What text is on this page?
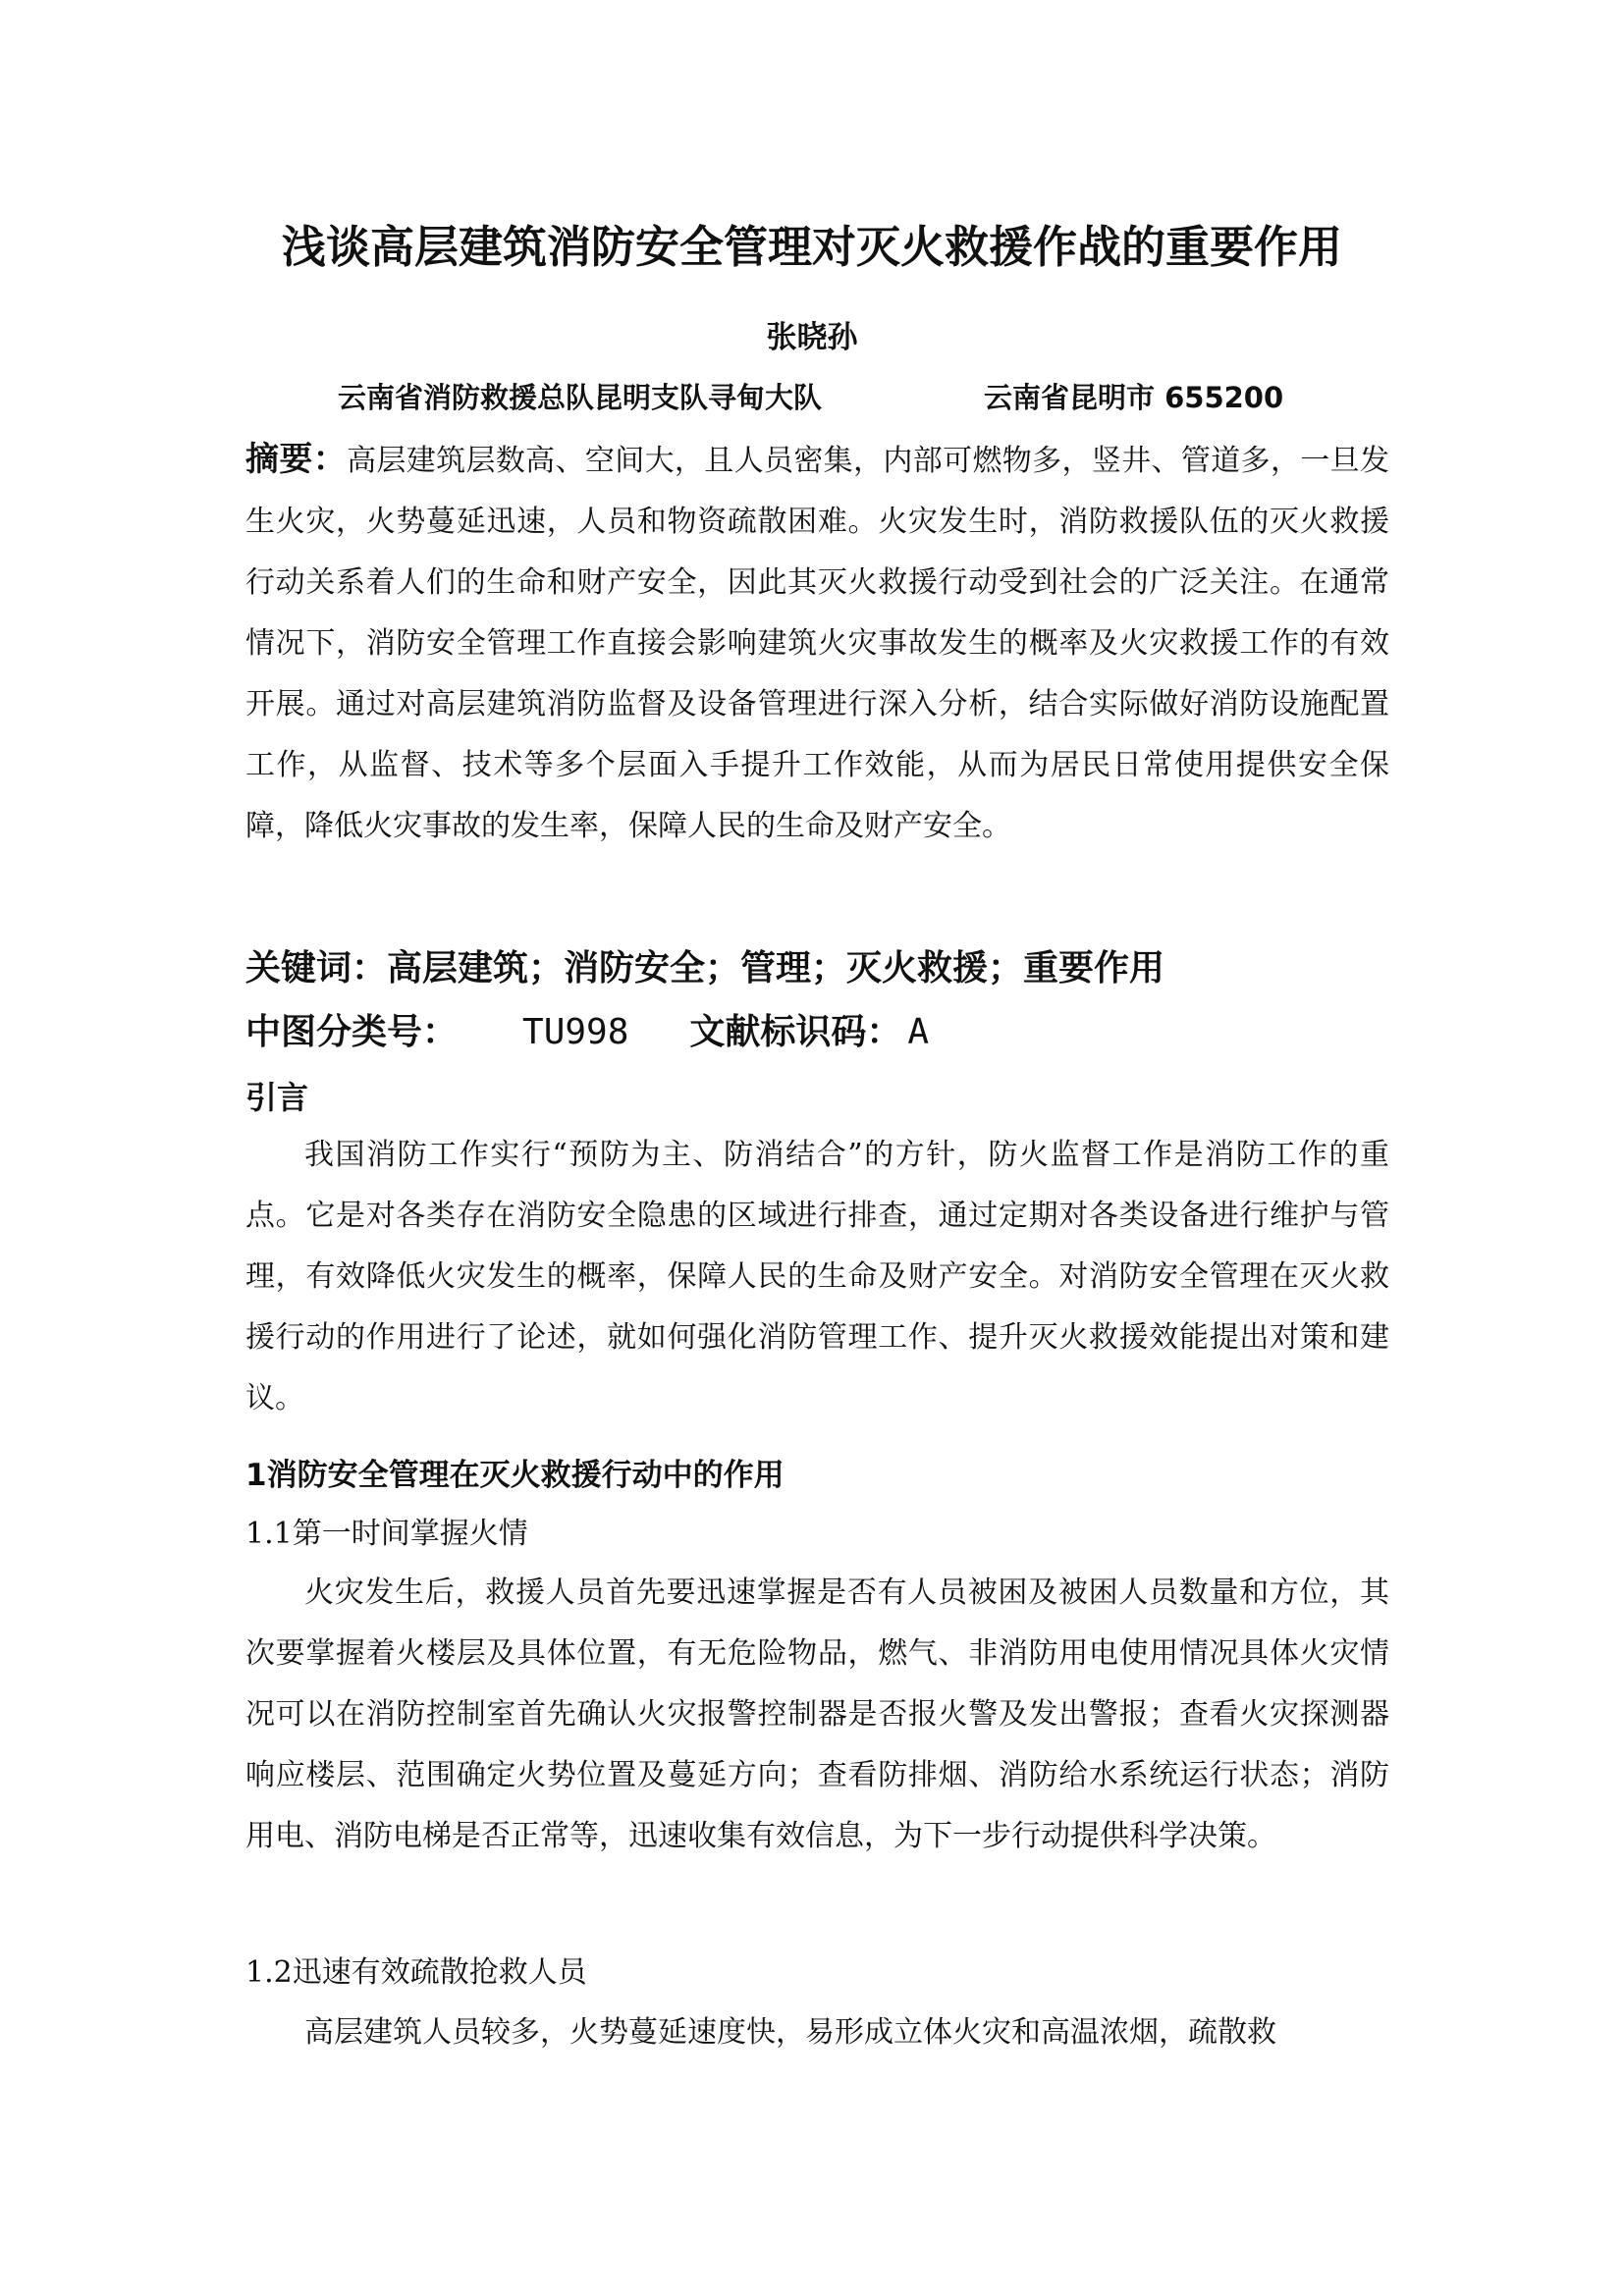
浅谈高层建筑消防安全管理对灭火救援作战的重要作用
张晓孙
云南省消防救援总队昆明支队寻甸大队	云南省昆明市 655200
摘要：高层建筑层数高、空间大，且人员密集，内部可燃物多，竖井、管道多，一旦发生火灾，火势蔓延迅速，人员和物资疏散困难。火灾发生时，消防救援队伍的灭火救援行动关系着人们的生命和财产安全，因此其灭火救援行动受到社会的广泛关注。在通常情况下，消防安全管理工作直接会影响建筑火灾事故发生的概率及火灾救援工作的有效开展。通过对高层建筑消防监督及设备管理进行深入分析，结合实际做好消防设施配置工作，从监督、技术等多个层面入手提升工作效能，从而为居民日常使用提供安全保障，降低火灾事故的发生率，保障人民的生命及财产安全。
关键词：高层建筑；消防安全；管理；灭火救援；重要作用
中图分类号： TU998 文献标识码： A
引言
我国消防工作实行“预防为主、防消结合”的方针，防火监督工作是消防工作的重点。它是对各类存在消防安全隐患的区域进行排查，通过定期对各类设备进行维护与管理，有效降低火灾发生的概率，保障人民的生命及财产安全。对消防安全管理在灭火救援行动的作用进行了论述，就如何强化消防管理工作、提升灭火救援效能提出对策和建议。
1消防安全管理在灭火救援行动中的作用
1.1第一时间掌握火情
火灾发生后，救援人员首先要迅速掌握是否有人员被困及被困人员数量和方位，其次要掌握着火楼层及具体位置，有无危险物品，燃气、非消防用电使用情况具体火灾情况可以在消防控制室首先确认火灾报警控制器是否报火警及发出警报；查看火灾探测器响应楼层、范围确定火势位置及蔓延方向；查看防排烟、消防给水系统运行状态；消防用电、消防电梯是否正常等，迅速收集有效信息，为下一步行动提供科学决策。
1.2迅速有效疏散抢救人员
高层建筑人员较多，火势蔓延速度快，易形成立体火灾和高温浓烟，疏散救
